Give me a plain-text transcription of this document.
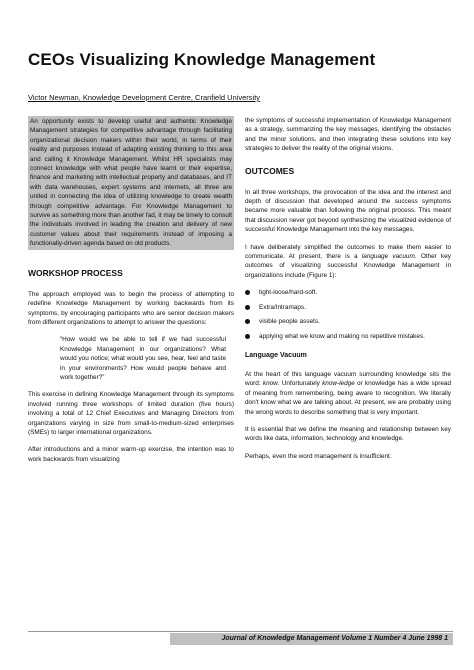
CEOs Visualizing Knowledge Management
Victor Newman, Knowledge Development Centre, Cranfield University

An opportunity exists to develop useful and authentic Knowledge Management strategies for competitive advantage through facilitating organizational decision makers within their world, in terms of their reality and purposes instead of adapting existing thinking to this area and calling it Knowledge Management. Whilst HR specialists may connect knowledge with what people have learnt or their expertise, finance and marketing with intellectual property and databases, and IT with data warehouses, expert systems and internets, all three are united in connecting the idea of utilizing knowledge to create wealth through competitive advantage. For Knowledge Management to survive as something more than another fad, it may be timely to consult the individuals involved in leading the creation and delivery of new customer values about their requirements instead of imposing a functionally-driven agenda based on old products.

WORKSHOP PROCESS

The approach employed was to begin the process of attempting to redefine Knowledge Management by working backwards from its symptoms, by encouraging participants who are senior decision makers from different organizations to attempt to answer the questions:

“How would we be able to tell if we had successful Knowledge Management in our organizations? What would you notice; what would you see, hear, feel and taste in your environments? How would people behave and work together?”

This exercise in defining Knowledge Management through its symptoms involved running three workshops of limited duration (five hours) involving a total of 12 Chief Executives and Managing Directors from organizations varying in size from small-to-medium-sized enterprises (SMEs) to larger international organizations.

After introductions and a minor warm-up exercise, the intention was to work backwards from visualizing

the symptoms of successful implementation of Knowledge Management as a strategy, summarizing the key messages, identifying the obstacles and the minor solutions, and then integrating these solutions into key strategies to deliver the reality of the original visions.

OUTCOMES

In all three workshops, the provocation of the idea and the interest and depth of discussion that developed around the success symptoms became more valuable than following the original process. This meant that discussion never got beyond synthesizing the visualized evidence of successful Knowledge Management into the key messages.

I have deliberately simplified the outcomes to make them easier to communicate. At present, there is a language vacuum. Other key outcomes of visualizing successful Knowledge Management in organizations include (Figure 1):

tight-loose/hard-soft.
Extra/Intramaps.
visible people assets.
applying what we know and making no repetitive mistakes.
Language Vacuum

At the heart of this language vacuum surrounding knowledge sits the word: know. Unfortunately know-ledge or knowledge has a wide spread of meaning from remembering, being aware to recognition. We literally don't know what we are talking about. At present, we are probably using the wrong words to describe something that is very important.

It is essential that we define the meaning and relationship between key words like data, information, technology and knowledge.

Perhaps, even the word management is insufficient.

Journal of Knowledge Management Volume 1 Number 4 June 1998 1
